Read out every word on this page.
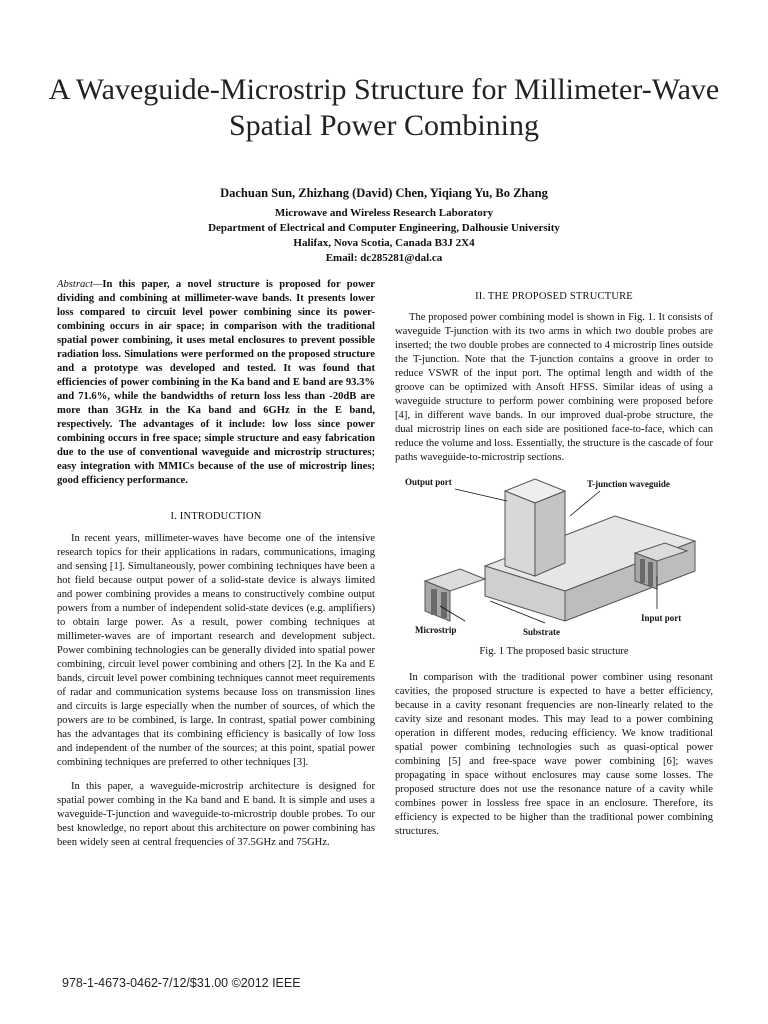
A Waveguide-Microstrip Structure for Millimeter-Wave Spatial Power Combining
Dachuan Sun, Zhizhang (David) Chen, Yiqiang Yu, Bo Zhang
Microwave and Wireless Research Laboratory
Department of Electrical and Computer Engineering, Dalhousie University
Halifax, Nova Scotia, Canada B3J 2X4
Email: dc285281@dal.ca

Abstract—In this paper, a novel structure is proposed for power dividing and combining at millimeter-wave bands. It presents lower loss compared to circuit level power combining since its power-combining occurs in air space; in comparison with the traditional spatial power combining, it uses metal enclosures to prevent possible radiation loss. Simulations were performed on the proposed structure and a prototype was developed and tested. It was found that efficiencies of power combining in the Ka band and E band are 93.3% and 71.6%, while the bandwidths of return loss less than -20dB are more than 3GHz in the Ka band and 6GHz in the E band, respectively. The advantages of it include: low loss since power combining occurs in free space; simple structure and easy fabrication due to the use of conventional waveguide and microstrip structures; easy integration with MMICs because of the use of microstrip lines; good efficiency performance.

I. INTRODUCTION

In recent years, millimeter-waves have become one of the intensive research topics for their applications in radars, communications, imaging and sensing [1]. Simultaneously, power combining techniques have been a hot field because output power of a solid-state device is always limited and power combining provides a means to constructively combine output powers from a number of independent solid-state devices (e.g. amplifiers) to obtain large power. As a result, power combing techniques at millimeter-waves are of important research and development subject. Power combining technologies can be generally divided into spatial power combining, circuit level power combining and others [2]. In the Ka and E bands, circuit level power combining techniques cannot meet requirements of radar and communication systems because loss on transmission lines and circuits is large especially when the number of sources, of which the powers are to be combined, is large. In contrast, spatial power combining has the advantages that its combining efficiency is basically of low loss and independent of the number of the sources; at this point, spatial power combining techniques are preferred to other techniques [3].

In this paper, a waveguide-microstrip architecture is designed for spatial power combing in the Ka band and E band. It is simple and uses a waveguide-T-junction and waveguide-to-microstrip double probes. To our best knowledge, no report about this architecture on power combining has been widely seen at central frequencies of 37.5GHz and 75GHz.

II. THE PROPOSED STRUCTURE

The proposed power combining model is shown in Fig. 1. It consists of waveguide T-junction with its two arms in which two double probes are inserted; the two double probes are connected to 4 microstrip lines outside the T-junction. Note that the T-junction contains a groove in order to reduce VSWR of the input port. The optimal length and width of the groove can be optimized with Ansoft HFSS. Similar ideas of using a waveguide structure to perform power combining were proposed before [4], in different wave bands. In our improved dual-probe structure, the dual microstrip lines on each side are positioned face-to-face, which can reduce the volume and loss. Essentially, the structure is the cascade of four paths waveguide-to-microstrip sections.

Output port	T-junction waveguide
Microstrip	Substrate
Input port

Fig. 1 The proposed basic structure

In comparison with the traditional power combiner using resonant cavities, the proposed structure is expected to have a better efficiency, because in a cavity resonant frequencies are non-linearly related to the cavity size and resonant modes. This may lead to a power combining operation in different modes, reducing efficiency. We know traditional spatial power combining technologies such as quasi-optical power combining [5] and free-space wave power combining [6]; waves propagating in space without enclosures may cause some losses. The proposed structure does not use the resonance nature of a cavity while combines power in lossless free space in an enclosure. Therefore, its efficiency is expected to be higher than the traditional power combining structures.

978-1-4673-0462-7/12/$31.00 ©2012 IEEE
